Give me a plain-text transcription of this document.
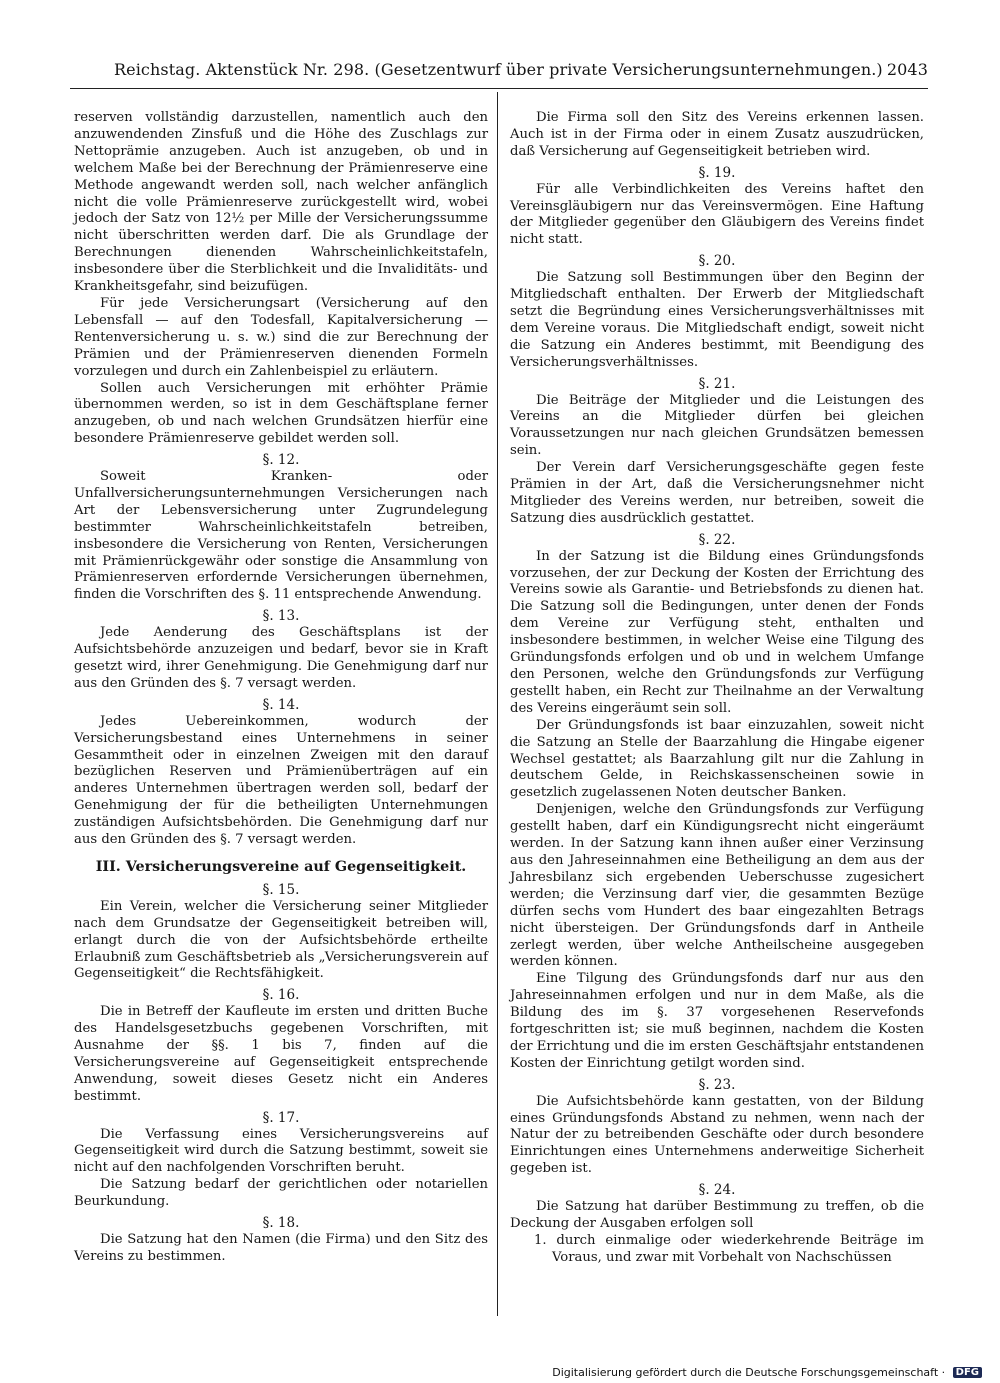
Reichstag. Aktenstück Nr. 298. (Gesetzentwurf über private Versicherungsunternehmungen.) 2043

reserven vollständig darzustellen, namentlich auch den anzuwendenden Zinsfuß und die Höhe des Zuschlags zur Nettoprämie anzugeben. Auch ist anzugeben, ob und in welchem Maße bei der Berechnung der Prämienreserve eine Methode angewandt werden soll, nach welcher anfänglich nicht die volle Prämienreserve zurückgestellt wird, wobei jedoch der Satz von 12½ per Mille der Versicherungssumme nicht überschritten werden darf. Die als Grundlage der Berechnungen dienenden Wahrscheinlichkeitstafeln, insbesondere über die Sterblichkeit und die Invaliditäts- und Krankheitsgefahr, sind beizufügen.

Für jede Versicherungsart (Versicherung auf den Lebensfall — auf den Todesfall, Kapitalversicherung — Rentenversicherung u. s. w.) sind die zur Berechnung der Prämien und der Prämienreserven dienenden Formeln vorzulegen und durch ein Zahlenbeispiel zu erläutern.

Sollen auch Versicherungen mit erhöhter Prämie übernommen werden, so ist in dem Geschäftsplane ferner anzugeben, ob und nach welchen Grundsätzen hierfür eine besondere Prämienreserve gebildet werden soll.

§. 12.

Soweit Kranken- oder Unfallversicherungsunternehmungen Versicherungen nach Art der Lebensversicherung unter Zugrundelegung bestimmter Wahrscheinlichkeitstafeln betreiben, insbesondere die Versicherung von Renten, Versicherungen mit Prämienrückgewähr oder sonstige die Ansammlung von Prämienreserven erfordernde Versicherungen übernehmen, finden die Vorschriften des §. 11 entsprechende Anwendung.

§. 13.

Jede Aenderung des Geschäftsplans ist der Aufsichtsbehörde anzuzeigen und bedarf, bevor sie in Kraft gesetzt wird, ihrer Genehmigung. Die Genehmigung darf nur aus den Gründen des §. 7 versagt werden.

§. 14.

Jedes Uebereinkommen, wodurch der Versicherungsbestand eines Unternehmens in seiner Gesammtheit oder in einzelnen Zweigen mit den darauf bezüglichen Reserven und Prämienüberträgen auf ein anderes Unternehmen übertragen werden soll, bedarf der Genehmigung der für die betheiligten Unternehmungen zuständigen Aufsichtsbehörden. Die Genehmigung darf nur aus den Gründen des §. 7 versagt werden.

III. Versicherungsvereine auf Gegenseitigkeit.
§. 15.

Ein Verein, welcher die Versicherung seiner Mitglieder nach dem Grundsatze der Gegenseitigkeit betreiben will, erlangt durch die von der Aufsichtsbehörde ertheilte Erlaubniß zum Geschäftsbetrieb als „Versicherungsverein auf Gegenseitigkeit“ die Rechtsfähigkeit.

§. 16.

Die in Betreff der Kaufleute im ersten und dritten Buche des Handelsgesetzbuchs gegebenen Vorschriften, mit Ausnahme der §§. 1 bis 7, finden auf die Versicherungsvereine auf Gegenseitigkeit entsprechende Anwendung, soweit dieses Gesetz nicht ein Anderes bestimmt.

§. 17.

Die Verfassung eines Versicherungsvereins auf Gegenseitigkeit wird durch die Satzung bestimmt, soweit sie nicht auf den nachfolgenden Vorschriften beruht.

Die Satzung bedarf der gerichtlichen oder notariellen Beurkundung.

§. 18.

Die Satzung hat den Namen (die Firma) und den Sitz des Vereins zu bestimmen.

Die Firma soll den Sitz des Vereins erkennen lassen. Auch ist in der Firma oder in einem Zusatz auszudrücken, daß Versicherung auf Gegenseitigkeit betrieben wird.

§. 19.

Für alle Verbindlichkeiten des Vereins haftet den Vereinsgläubigern nur das Vereinsvermögen. Eine Haftung der Mitglieder gegenüber den Gläubigern des Vereins findet nicht statt.

§. 20.

Die Satzung soll Bestimmungen über den Beginn der Mitgliedschaft enthalten. Der Erwerb der Mitgliedschaft setzt die Begründung eines Versicherungsverhältnisses mit dem Vereine voraus. Die Mitgliedschaft endigt, soweit nicht die Satzung ein Anderes bestimmt, mit Beendigung des Versicherungsverhältnisses.

§. 21.

Die Beiträge der Mitglieder und die Leistungen des Vereins an die Mitglieder dürfen bei gleichen Voraussetzungen nur nach gleichen Grundsätzen bemessen sein.

Der Verein darf Versicherungsgeschäfte gegen feste Prämien in der Art, daß die Versicherungsnehmer nicht Mitglieder des Vereins werden, nur betreiben, soweit die Satzung dies ausdrücklich gestattet.

§. 22.

In der Satzung ist die Bildung eines Gründungsfonds vorzusehen, der zur Deckung der Kosten der Errichtung des Vereins sowie als Garantie- und Betriebsfonds zu dienen hat. Die Satzung soll die Bedingungen, unter denen der Fonds dem Vereine zur Verfügung steht, enthalten und insbesondere bestimmen, in welcher Weise eine Tilgung des Gründungsfonds erfolgen und ob und in welchem Umfange den Personen, welche den Gründungsfonds zur Verfügung gestellt haben, ein Recht zur Theilnahme an der Verwaltung des Vereins eingeräumt sein soll.

Der Gründungsfonds ist baar einzuzahlen, soweit nicht die Satzung an Stelle der Baarzahlung die Hingabe eigener Wechsel gestattet; als Baarzahlung gilt nur die Zahlung in deutschem Gelde, in Reichskassenscheinen sowie in gesetzlich zugelassenen Noten deutscher Banken.

Denjenigen, welche den Gründungsfonds zur Verfügung gestellt haben, darf ein Kündigungsrecht nicht eingeräumt werden. In der Satzung kann ihnen außer einer Verzinsung aus den Jahreseinnahmen eine Betheiligung an dem aus der Jahresbilanz sich ergebenden Ueberschusse zugesichert werden; die Verzinsung darf vier, die gesammten Bezüge dürfen sechs vom Hundert des baar eingezahlten Betrags nicht übersteigen. Der Gründungsfonds darf in Antheile zerlegt werden, über welche Antheilscheine ausgegeben werden können.

Eine Tilgung des Gründungsfonds darf nur aus den Jahreseinnahmen erfolgen und nur in dem Maße, als die Bildung des im §. 37 vorgesehenen Reservefonds fortgeschritten ist; sie muß beginnen, nachdem die Kosten der Errichtung und die im ersten Geschäftsjahr entstandenen Kosten der Einrichtung getilgt worden sind.

§. 23.

Die Aufsichtsbehörde kann gestatten, von der Bildung eines Gründungsfonds Abstand zu nehmen, wenn nach der Natur der zu betreibenden Geschäfte oder durch besondere Einrichtungen eines Unternehmens anderweitige Sicherheit gegeben ist.

§. 24.

Die Satzung hat darüber Bestimmung zu treffen, ob die Deckung der Ausgaben erfolgen soll

1. durch einmalige oder wiederkehrende Beiträge im Voraus, und zwar mit Vorbehalt von Nachschüssen

Digitalisierung gefördert durch die Deutsche Forschungsgemeinschaft · DFG
